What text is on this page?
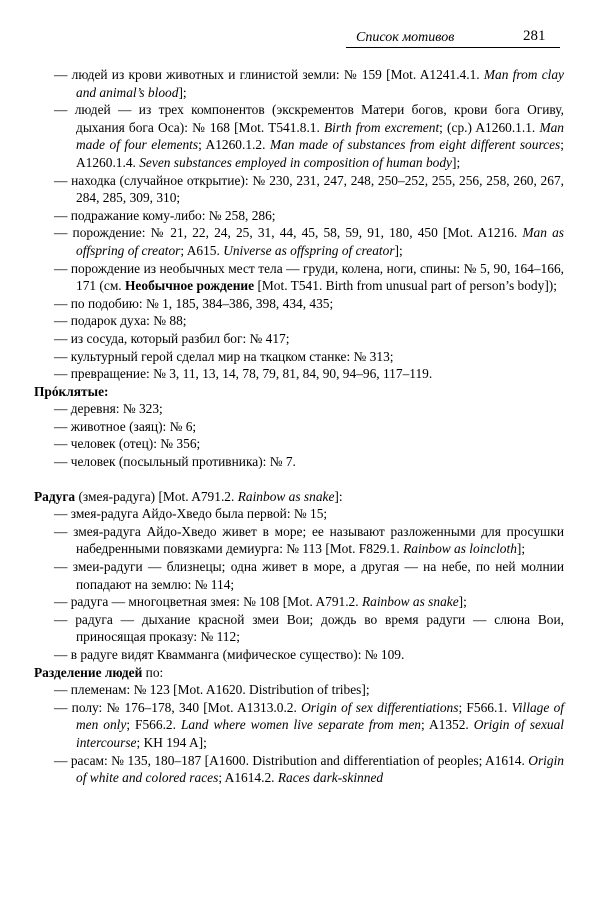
Список мотивов	281

— людей из крови животных и глинистой земли: № 159 [Mot. A1241.4.1. Man from clay and animal’s blood];

— людей — из трех компонентов (экскрементов Матери богов, крови бога Огиву, дыхания бога Оса): № 168 [Mot. T541.8.1. Birth from excrement; (ср.) A1260.1.1. Man made of four elements; A1260.1.2. Man made of substances from eight different sources; A1260.1.4. Seven substances employed in composition of human body];

— находка (случайное открытие): № 230, 231, 247, 248, 250–252, 255, 256, 258, 260, 267, 284, 285, 309, 310;

— подражание кому-либо: № 258, 286;

— порождение: № 21, 22, 24, 25, 31, 44, 45, 58, 59, 91, 180, 450 [Mot. A1216. Man as offspring of creator; A615. Universe as offspring of creator];

— порождение из необычных мест тела — груди, колена, ноги, спины: № 5, 90, 164–166, 171 (см. Необычное рождение [Mot. T541. Birth from unusual part of person’s body]);

— по подобию: № 1, 185, 384–386, 398, 434, 435;

— подарок духа: № 88;

— из сосуда, который разбил бог: № 417;

— культурный герой сделал мир на ткацком станке: № 313;

— превращение: № 3, 11, 13, 14, 78, 79, 81, 84, 90, 94–96, 117–119.

Прóклятые:

— деревня: № 323;

— животное (заяц): № 6;

— человек (отец): № 356;

— человек (посыльный противника): № 7.

Радуга (змея-радуга) [Mot. A791.2. Rainbow as snake]:

— змея-радуга Айдо-Хведо была первой: № 15;

— змея-радуга Айдо-Хведо живет в море; ее называют разложенными для просушки набедренными повязками демиурга: № 113 [Mot. F829.1. Rainbow as loincloth];

— змеи-радуги — близнецы; одна живет в море, а другая — на небе, по ней молнии попадают на землю: № 114;

— радуга — многоцветная змея: № 108 [Mot. A791.2. Rainbow as snake];

— радуга — дыхание красной змеи Вои; дождь во время радуги — слюна Вои, приносящая проказу: № 112;

— в радуге видят Квамманга (мифическое существо): № 109.

Разделение людей по:

— племенам: № 123 [Mot. A1620. Distribution of tribes];

— полу: № 176–178, 340 [Mot. A1313.0.2. Origin of sex differentiations; F566.1. Village of men only; F566.2. Land where women live separate from men; A1352. Origin of sexual intercourse; KH 194 A];

— расам: № 135, 180–187 [A1600. Distribution and differentiation of peoples; A1614. Origin of white and colored races; A1614.2. Races dark-skinned
